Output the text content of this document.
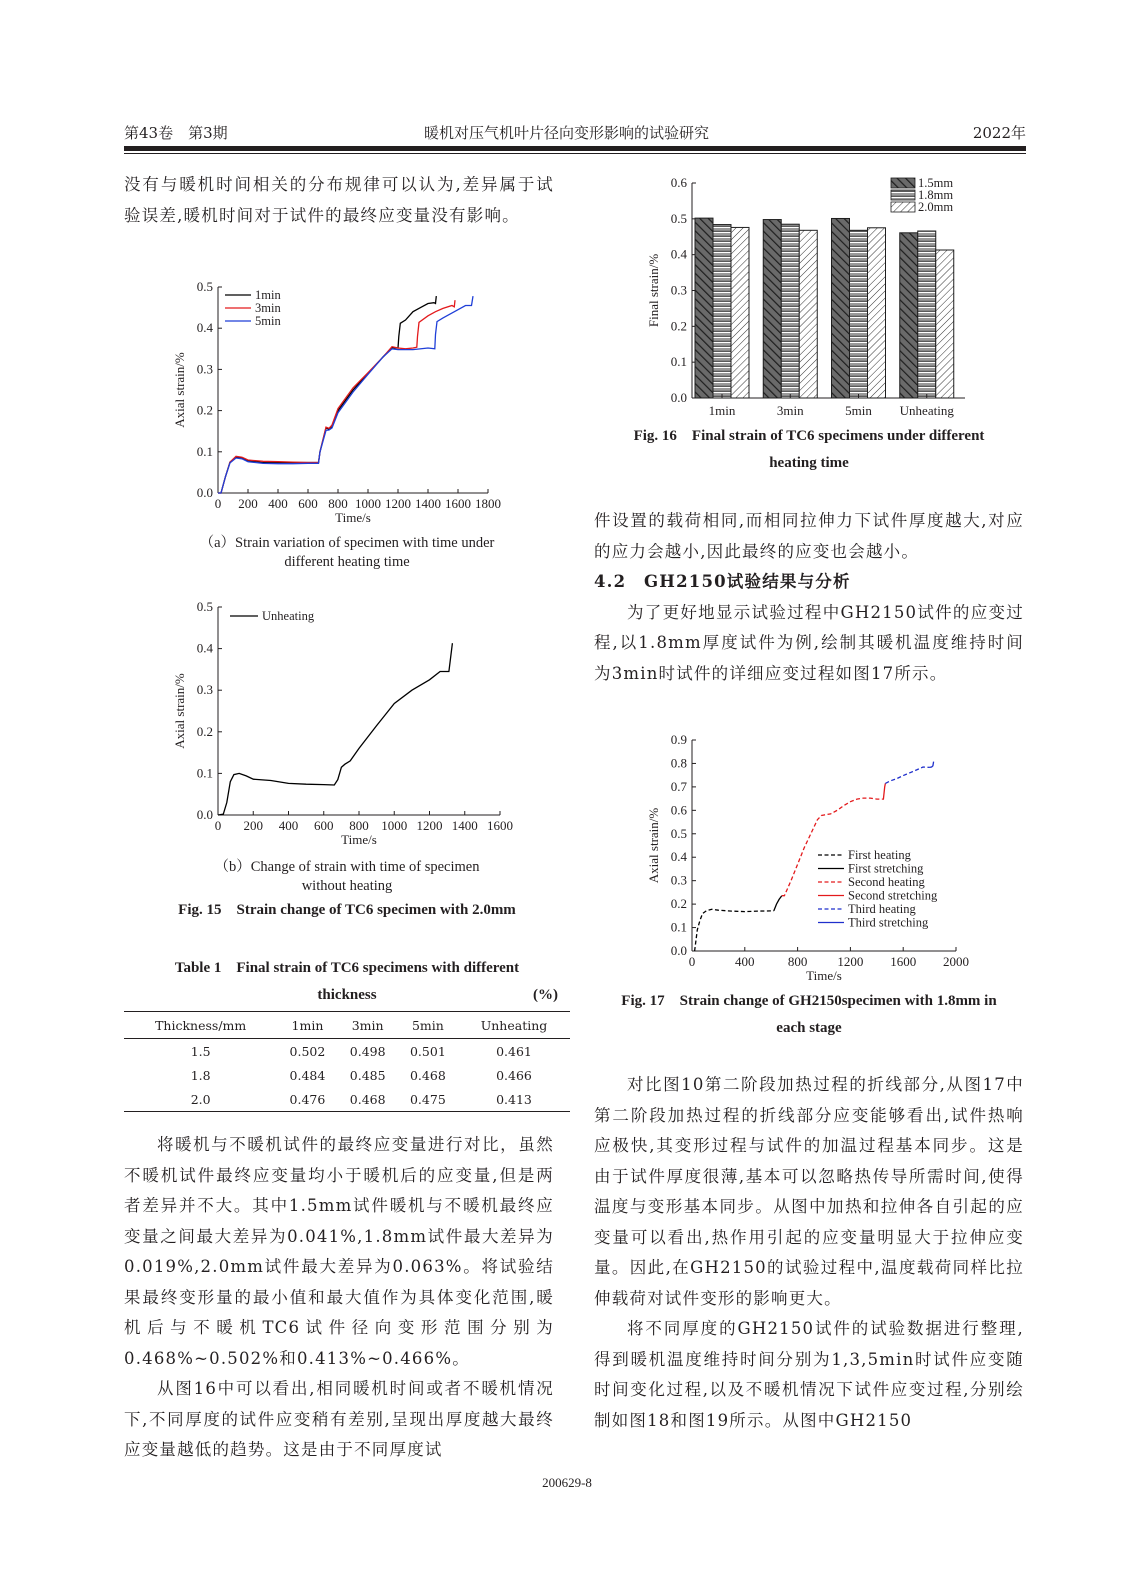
第43卷　第3期	暖机对压气机叶片径向变形影响的试验研究	2022年

没有与暖机时间相关的分布规律可以认为,差异属于试验误差,暖机时间对于试件的最终应变量没有影响。

0.0
0.1
0.2
0.3
0.4
0.5
0 200 400 600 800 1000 1200 1400 1600 1800
Time/s
Axial strain/%
1min
3min
5min
（a）Strain variation of specimen with time under
different heating time
0.0
0.1
0.2
0.3
0.4
0.5
0 200 400 600 800 1000 1200 1400 1600
Time/s
Axial strain/%
Unheating
（b）Change of strain with time of specimen
without heating
Fig. 15　Strain change of TC6 specimen with 2.0mm
Table 1　Final strain of TC6 specimens with different
thickness	(%)
Thickness/mm	1min	3min	5min	Unheating
1.5	0.502	0.498	0.501	0.461
1.8	0.484	0.485	0.468	0.466
2.0	0.476	0.468	0.475	0.413

将暖机与不暖机试件的最终应变量进行对比，虽然不暖机试件最终应变量均小于暖机后的应变量,但是两者差异并不大。其中1.5mm试件暖机与不暖机最终应变量之间最大差异为0.041%,1.8mm试件最大差异为0.019%,2.0mm试件最大差异为0.063%。将试验结果最终变形量的最小值和最大值作为具体变化范围,暖机后与不暖机TC6试件径向变形范围分别为0.468%~0.502%和0.413%~0.466%。

从图16中可以看出,相同暖机时间或者不暖机情况下,不同厚度的试件应变稍有差别,呈现出厚度越大最终应变量越低的趋势。这是由于不同厚度试

0.0
0.1
0.2
0.3
0.4
0.5
0.6
Final strain/%
1min	3min	5min Unheating
1.5mm
1.8mm
2.0mm
Fig. 16　Final strain of TC6 specimens under different
heating time

件设置的载荷相同,而相同拉伸力下试件厚度越大,对应的应力会越小,因此最终的应变也会越小。

4.2　GH2150试验结果与分析

为了更好地显示试验过程中GH2150试件的应变过程,以1.8mm厚度试件为例,绘制其暖机温度维持时间为3min时试件的详细应变过程如图17所示。

0.0
0.1
0.2
0.3
0.4
0.5
0.6
0.7
0.8
0.9
0	400	800 1200 1600 2000
Time/s
Axial strain/%	First heating
First stretching
Second heating
Second stretching
Third heating
Third stretching
Fig. 17　Strain change of GH2150specimen with 1.8mm in
each stage

对比图10第二阶段加热过程的折线部分,从图17中第二阶段加热过程的折线部分应变能够看出,试件热响应极快,其变形过程与试件的加温过程基本同步。这是由于试件厚度很薄,基本可以忽略热传导所需时间,使得温度与变形基本同步。从图中加热和拉伸各自引起的应变量可以看出,热作用引起的应变量明显大于拉伸应变量。因此,在GH2150的试验过程中,温度载荷同样比拉伸载荷对试件变形的影响更大。

将不同厚度的GH2150试件的试验数据进行整理,得到暖机温度维持时间分别为1,3,5min时试件应变随时间变化过程,以及不暖机情况下试件应变过程,分别绘制如图18和图19所示。从图中GH2150

200629-8
